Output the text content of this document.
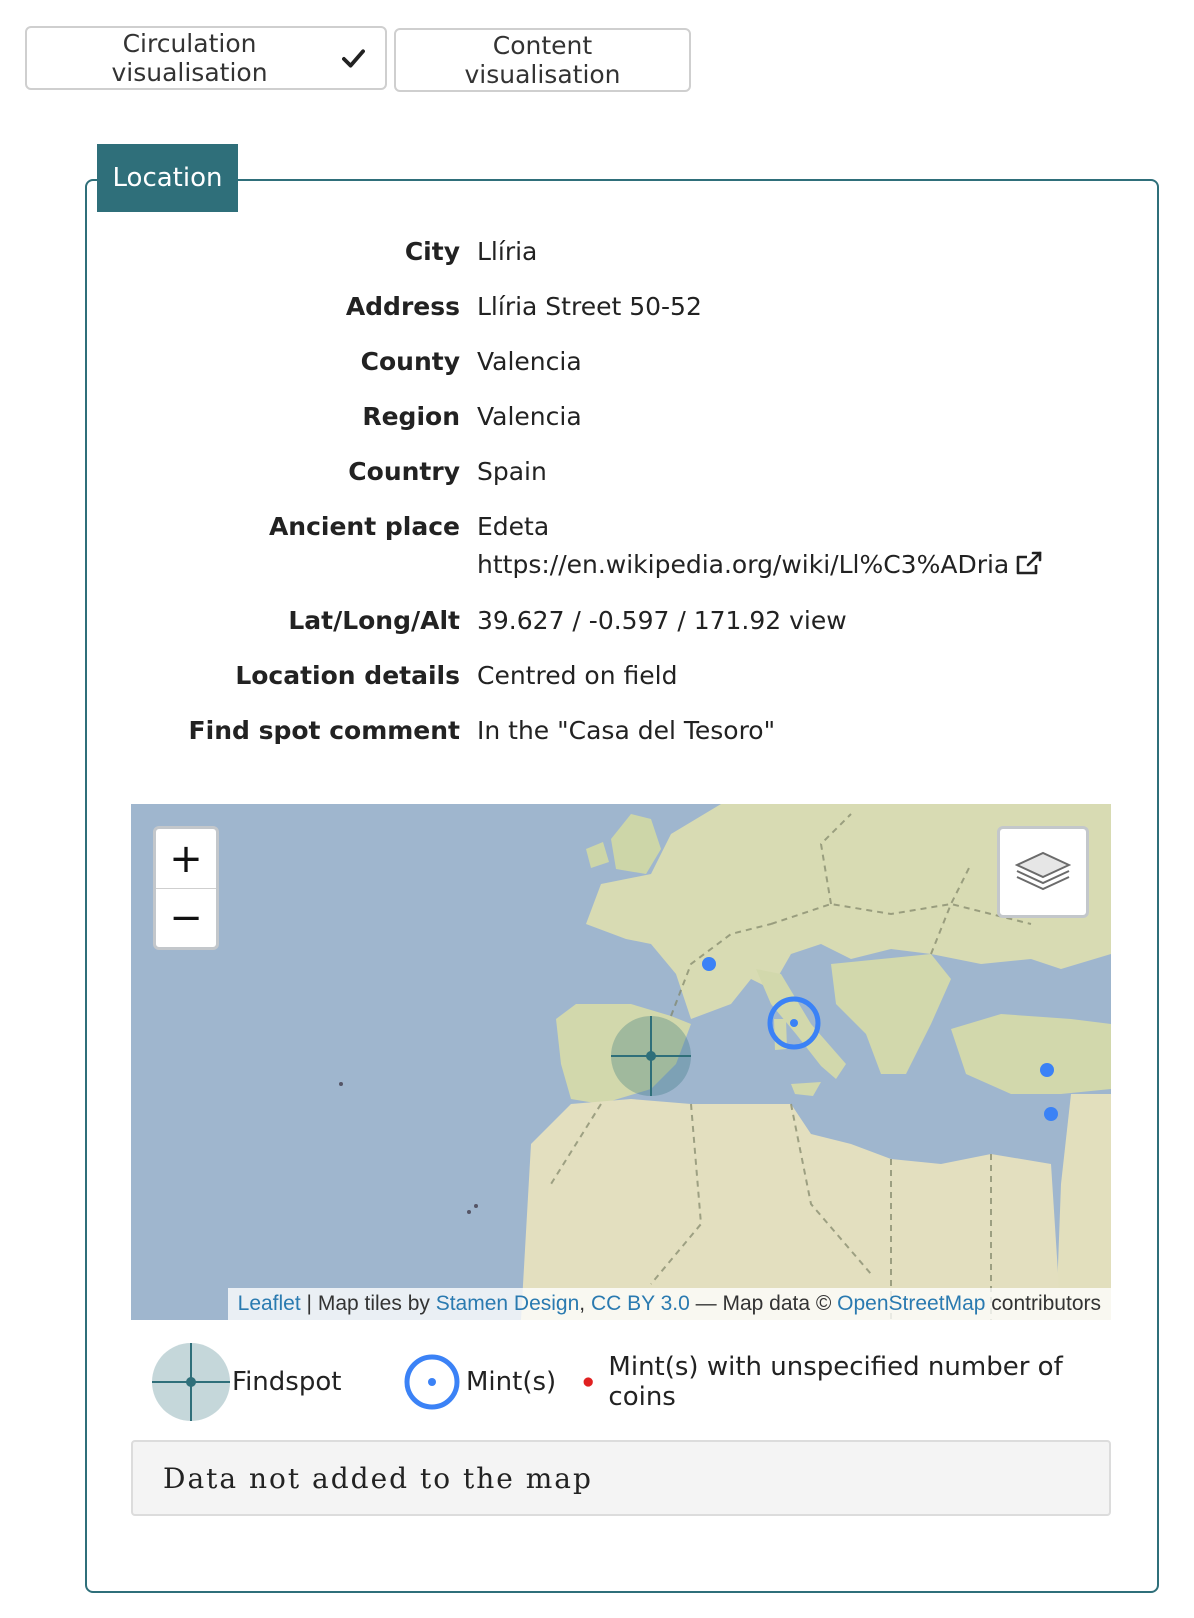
Circulation visualisation
Content visualisation
Location
City Llíria
Address Llíria Street 50-52
County Valencia
Region Valencia
Country Spain
Ancient place Edeta
https://en.wikipedia.org/wiki/Ll%C3%ADria
Lat/Long/Alt 39.627 / -0.597 / 171.92 view
Location details Centred on field
Find spot comment In the "Casa del Tesoro"
+
−
Leaflet | Map tiles by Stamen Design , CC BY 3.0 — Map data © OpenStreetMap contributors
Findspot	Mint(s) Mint(s) with unspecified number of coins
Data not added to the map
